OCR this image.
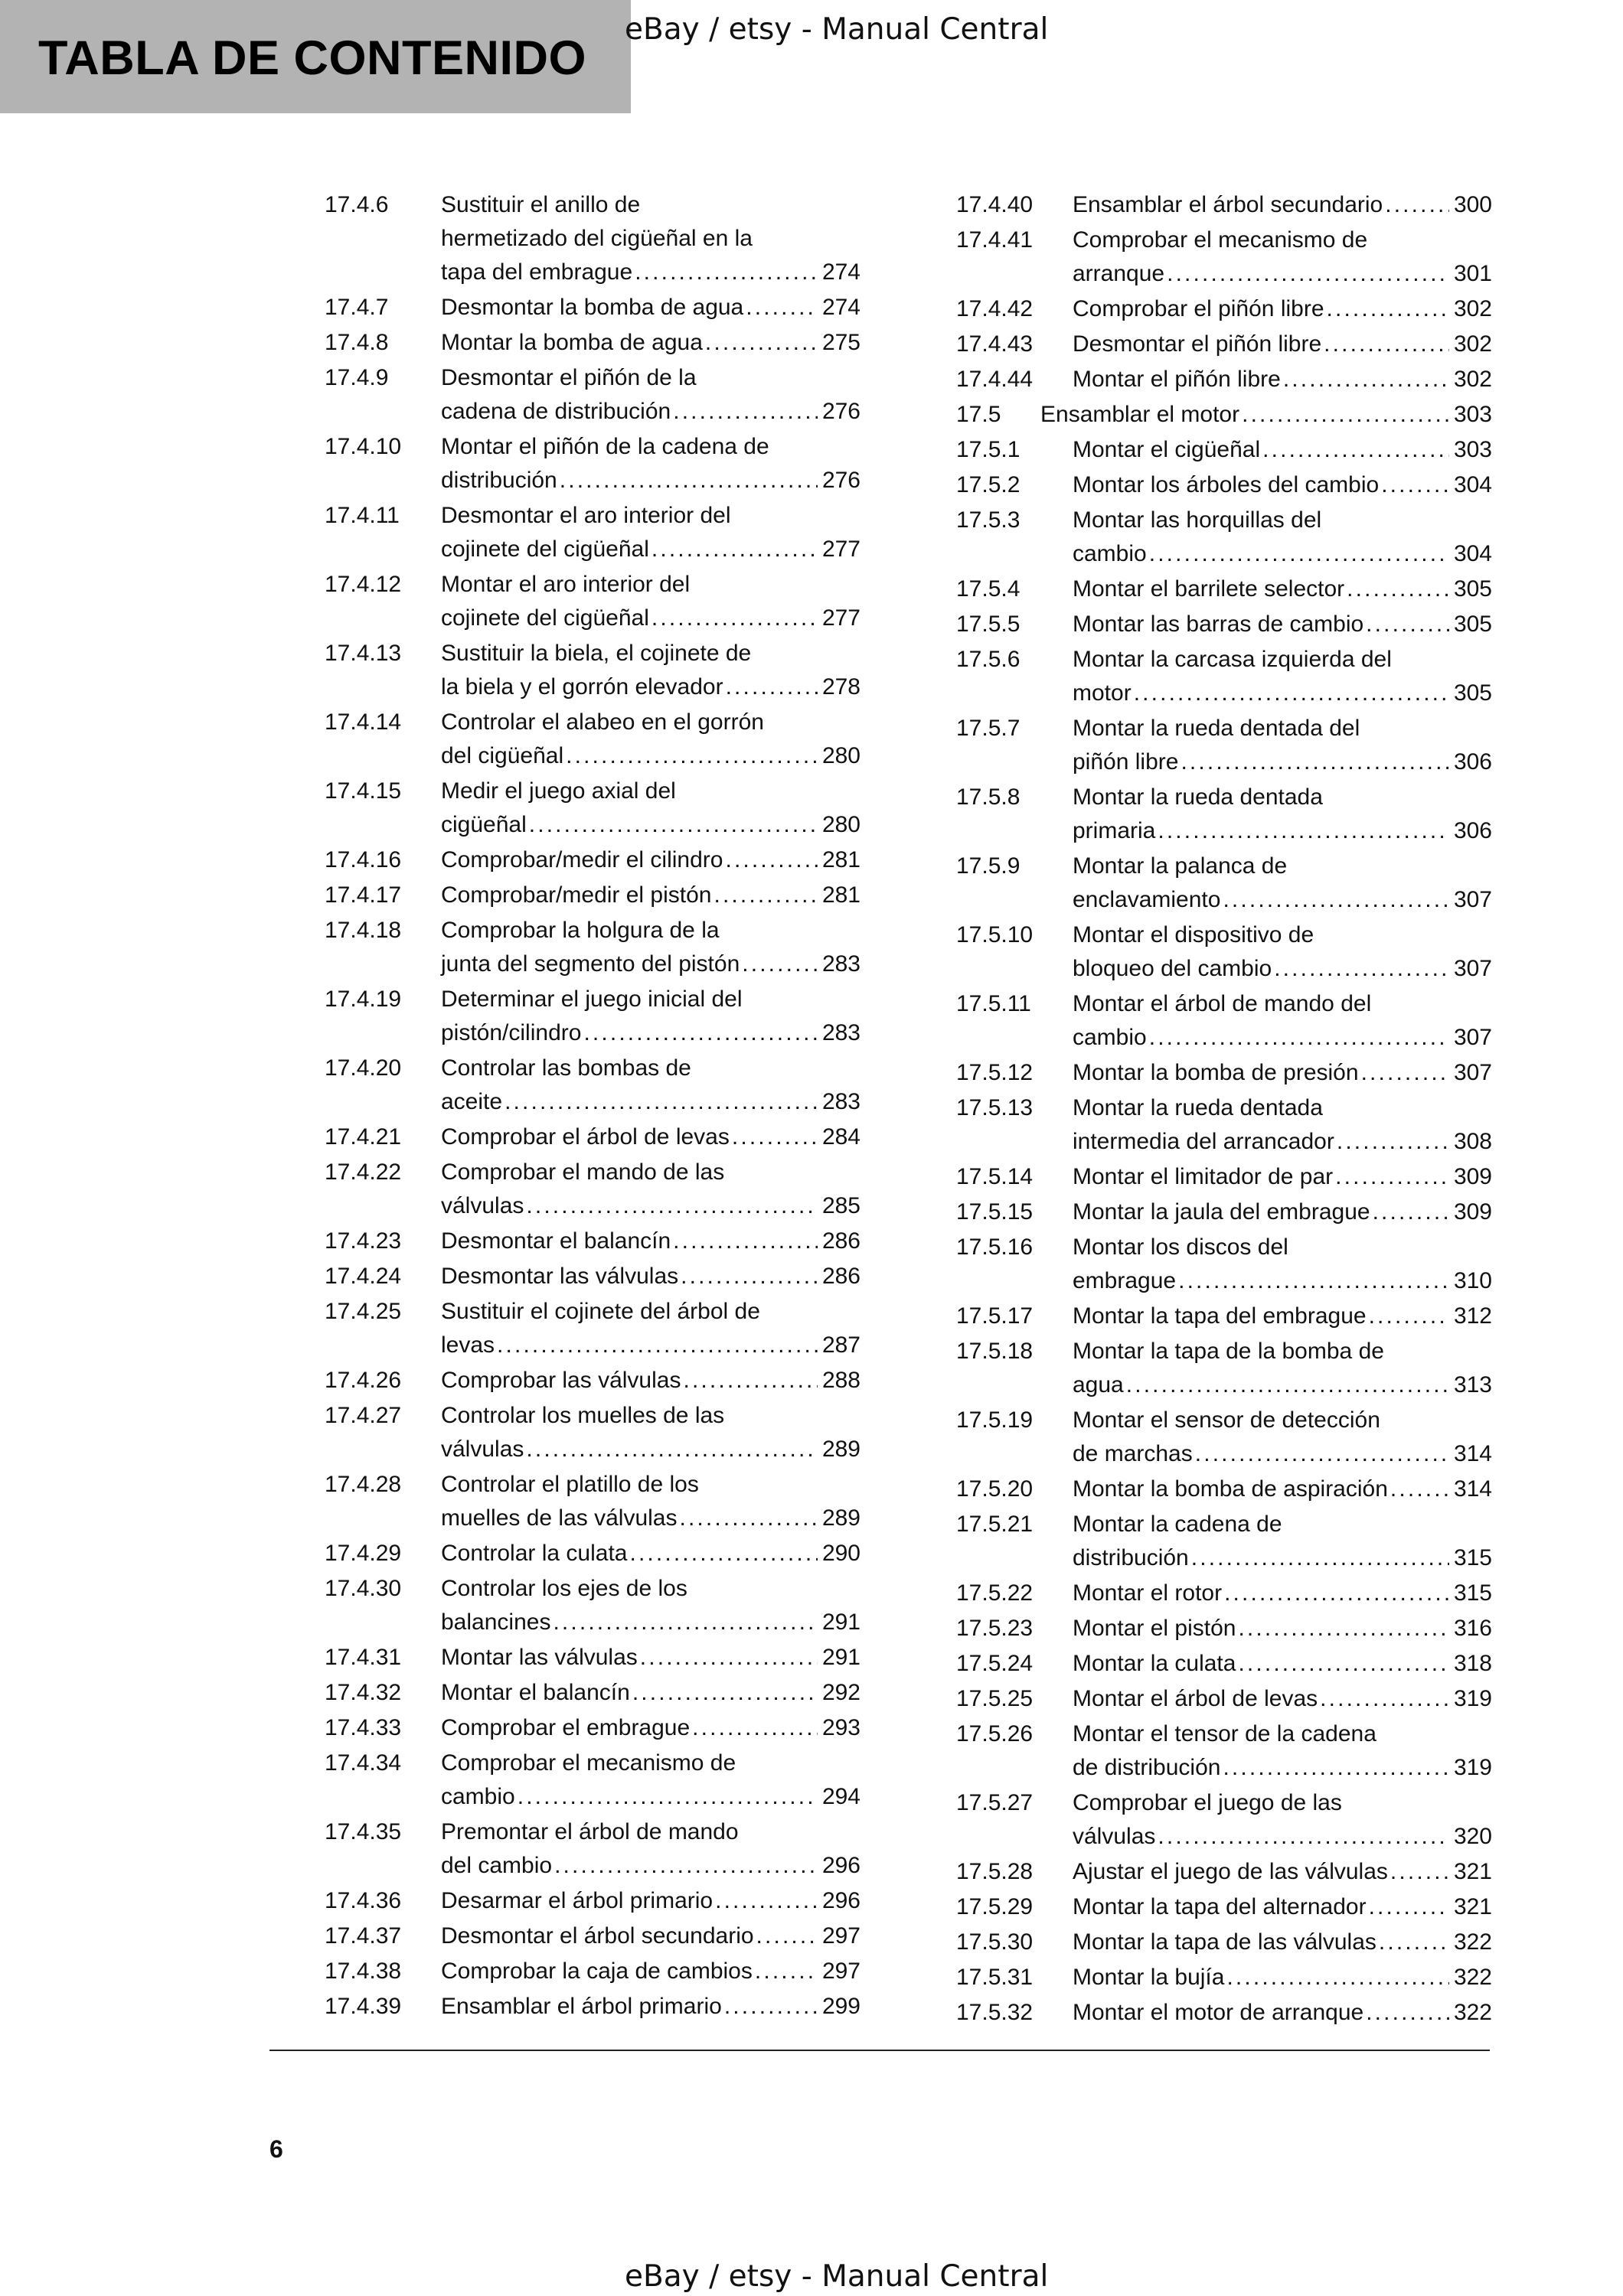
TABLA DE CONTENIDO
eBay / etsy - Manual Central
17.4.6 Sustituir el anillo de
hermetizado del cigüeñal en la
tapa del embrague . . .	274
17.4.7 Desmontar la bomba de agua . . .	274
17.4.8 Montar la bomba de agua . . .	275
17.4.9 Desmontar el piñón de la
cadena de distribución . . .	276
17.4.10 Montar el piñón de la cadena de
distribución . . .	276
17.4.11 Desmontar el aro interior del
cojinete del cigüeñal . . .	277
17.4.12 Montar el aro interior del
cojinete del cigüeñal . . .	277
17.4.13 Sustituir la biela, el cojinete de
la biela y el gorrón elevador . . .	278
17.4.14 Controlar el alabeo en el gorrón
del cigüeñal . . .	280
17.4.15 Medir el juego axial del
cigüeñal . . .	280
17.4.16 Comprobar/medir el cilindro . . .	281
17.4.17 Comprobar/medir el pistón . . .	281
17.4.18 Comprobar la holgura de la
junta del segmento del pistón . . .	283
17.4.19 Determinar el juego inicial del
pistón/cilindro . . .	283
17.4.20 Controlar las bombas de
aceite . . .	283
17.4.21 Comprobar el árbol de levas . . .	284
17.4.22 Comprobar el mando de las
válvulas . . .	285
17.4.23 Desmontar el balancín . . .	286
17.4.24 Desmontar las válvulas . . .	286
17.4.25 Sustituir el cojinete del árbol de
levas . . .	287
17.4.26 Comprobar las válvulas . . .	288
17.4.27 Controlar los muelles de las
válvulas . . .	289
17.4.28 Controlar el platillo de los
muelles de las válvulas . . .	289
17.4.29 Controlar la culata . . .	290
17.4.30 Controlar los ejes de los
balancines . . .	291
17.4.31 Montar las válvulas . . .	291
17.4.32 Montar el balancín . . .	292
17.4.33 Comprobar el embrague . . .	293
17.4.34 Comprobar el mecanismo de
cambio . . .	294
17.4.35 Premontar el árbol de mando
del cambio . . .	296
17.4.36 Desarmar el árbol primario . . .	296
17.4.37 Desmontar el árbol secundario . . .	297
17.4.38 Comprobar la caja de cambios . . .	297
17.4.39 Ensamblar el árbol primario . . .	299
17.4.40 Ensamblar el árbol secundario . . .	300
17.4.41 Comprobar el mecanismo de
arranque . . .	301
17.4.42 Comprobar el piñón libre . . .	302
17.4.43 Desmontar el piñón libre . . .	302
17.4.44 Montar el piñón libre . . .	302
17.5 Ensamblar el motor . . .	303
17.5.1 Montar el cigüeñal . . .	303
17.5.2 Montar los árboles del cambio . . .	304
17.5.3 Montar las horquillas del
cambio . . .	304
17.5.4 Montar el barrilete selector . . .	305
17.5.5 Montar las barras de cambio . . .	305
17.5.6 Montar la carcasa izquierda del
motor . . .	305
17.5.7 Montar la rueda dentada del
piñón libre . . .	306
17.5.8 Montar la rueda dentada
primaria . . .	306
17.5.9 Montar la palanca de
enclavamiento . . .	307
17.5.10 Montar el dispositivo de
bloqueo del cambio . . .	307
17.5.11 Montar el árbol de mando del
cambio . . .	307
17.5.12 Montar la bomba de presión . . .	307
17.5.13 Montar la rueda dentada
intermedia del arrancador . . .	308
17.5.14 Montar el limitador de par . . .	309
17.5.15 Montar la jaula del embrague . . .	309
17.5.16 Montar los discos del
embrague . . .	310
17.5.17 Montar la tapa del embrague . . .	312
17.5.18 Montar la tapa de la bomba de
agua . . .	313
17.5.19 Montar el sensor de detección
de marchas . . .	314
17.5.20 Montar la bomba de aspiración . . .	314
17.5.21 Montar la cadena de
distribución . . .	315
17.5.22 Montar el rotor . . .	315
17.5.23 Montar el pistón . . .	316
17.5.24 Montar la culata . . .	318
17.5.25 Montar el árbol de levas . . .	319
17.5.26 Montar el tensor de la cadena
de distribución . . .	319
17.5.27 Comprobar el juego de las
válvulas . . .	320
17.5.28 Ajustar el juego de las válvulas . . .	321
17.5.29 Montar la tapa del alternador . . .	321
17.5.30 Montar la tapa de las válvulas . . .	322
17.5.31 Montar la bujía . . .	322
17.5.32 Montar el motor de arranque . . .	322
6
eBay / etsy - Manual Central
